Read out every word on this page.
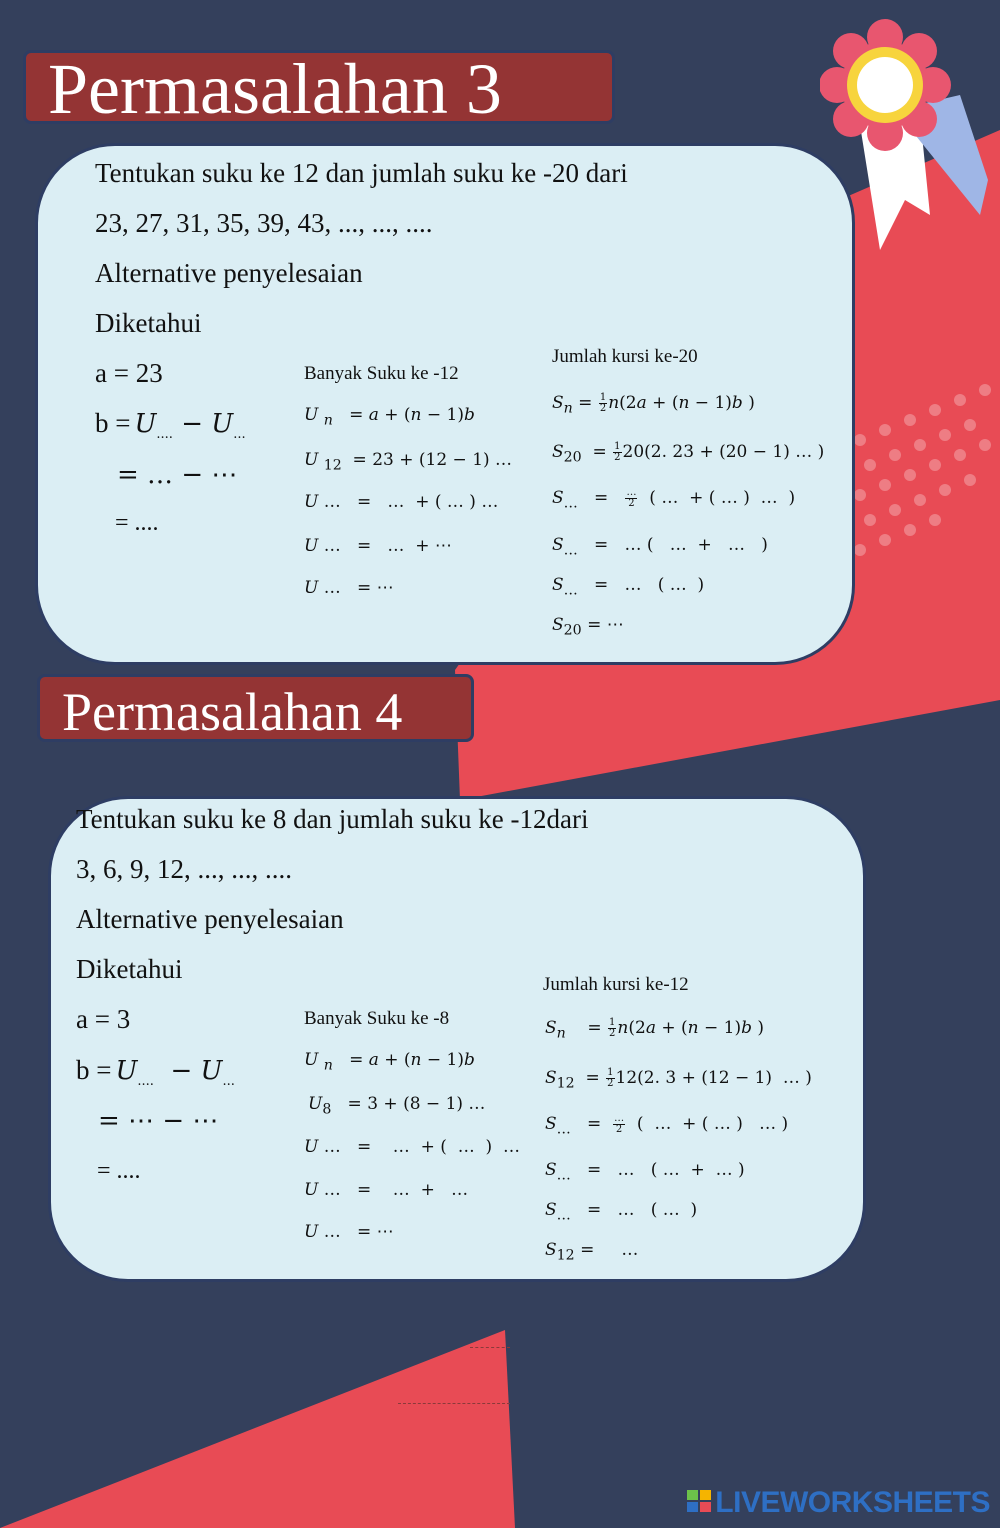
Permasalahan 3
Tentukan suku ke 12 dan jumlah suku ke -20 dari
23, 27, 31, 35, 39, 43, ..., ..., ....
Alternative penyelesaian
Diketahui
a = 23
$b = U_{....} - U_{...}$
= … − ⋯
= ....
Banyak Suku ke -12
U $_n$   = a + (n − 1)b
U $_{12}$  = 23 + (12 − 1) …
U …   =   …  + ( … ) …
U …   =   …  + ⋯
U …   = ⋯
Jumlah kursi ke-20
$S_n = \frac{1}{2} n(2a + (n - 1)b$ )
$S_{20} = \frac{1}{2} 20(2$. 23 + (20 − 1) … )
$S_\dots = \frac{\dots}{2}$ ( …  + ( … )  …  )
$S_\dots$   =   … (   …  +   …   )
$S_\dots$   =   …   ( …  )
$S_{20}$ = ⋯
Permasalahan 4
Tentukan suku ke 8 dan jumlah suku ke -12dari
3, 6, 9, 12, ..., ..., ....
Alternative penyelesaian
Diketahui
a = 3
$b = U_{....} - U_{...}$
= ⋯ − ⋯
= ....
Banyak Suku ke -8
U $_n$   = a + (n − 1)b
$U_8 = 3 + (8 - 1)$ …
U …   =    …  + (  …  )  …
U …   =    …  +   …
U …   = ⋯
Jumlah kursi ke-12
$S_n$    = $\frac{1}{2} n(2a + (n - 1)b$ )
$S_{12} = \frac{1}{2} 12(2$. 3 + (12 − 1)  … )
$S_\dots = \frac{\dots}{2}$ (  …  + ( … )   … )
$S_\dots$   =   …   ( …  +  … )
$S_\dots$   =   …   ( …  )
$S_{12}$ =     …
LIVEWORKSHEETS
